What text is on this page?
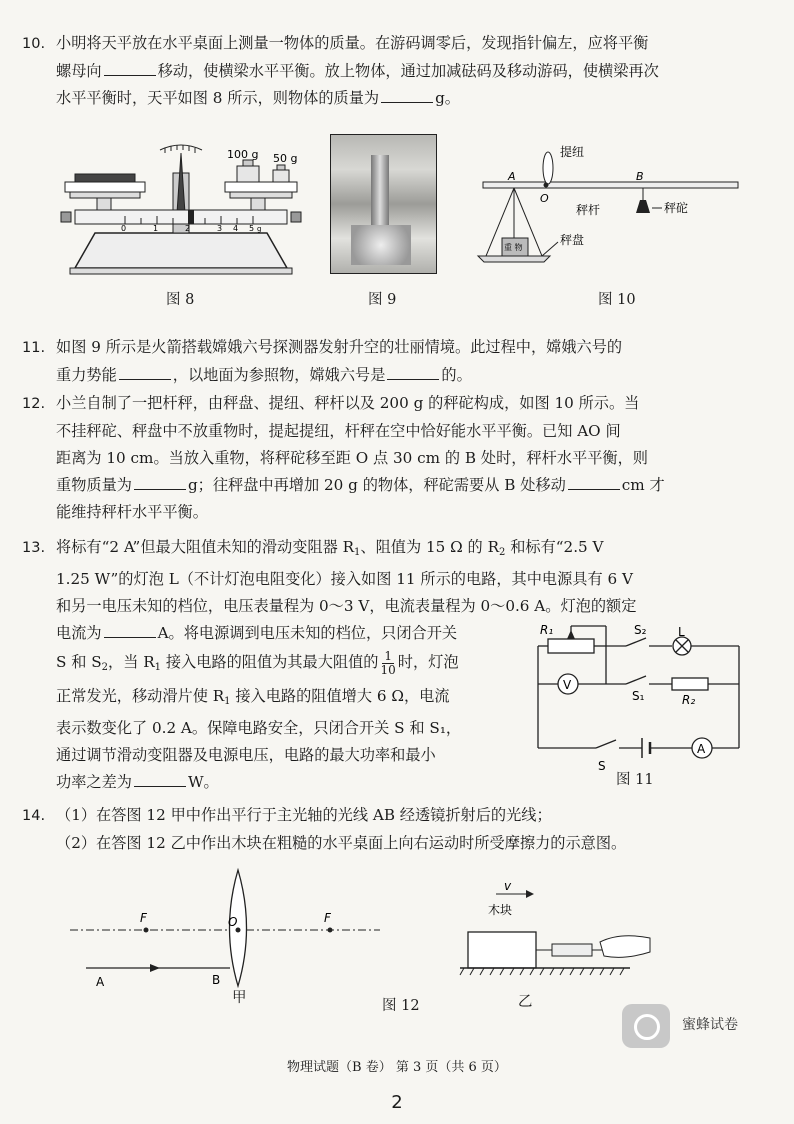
10. 小明将天平放在水平桌面上测量一物体的质量。在游码调零后，发现指针偏左，应将平衡
螺母向	移动，使横梁水平平衡。放上物体，通过加减砝码及移动游码，使横梁再次
水平平衡时，天平如图 8 所示，则物体的质量为	g。
0	1	2	3 4 5 g
100 g 50 g
图 8	图 9
A
O
B
提纽
秤杆	秤砣
重 物
秤盘
图 10
11. 如图 9 所示是火箭搭载嫦娥六号探测器发射升空的壮丽情境。此过程中，嫦娥六号的
重力势能	，以地面为参照物，嫦娥六号是	的。
12. 小兰自制了一把杆秤，由秤盘、提纽、秤杆以及 200 g 的秤砣构成，如图 10 所示。当
不挂秤砣、秤盘中不放重物时，提起提纽，杆秤在空中恰好能水平平衡。已知 AO 间
距离为 10 cm。当放入重物，将秤砣移至距 O 点 30 cm 的 B 处时，秤杆水平平衡，则
重物质量为	g；往秤盘中再增加 20 g 的物体，秤砣需要从 B 处移动	cm 才
能维持秤杆水平平衡。
13. 将标有“2 A”但最大阻值未知的滑动变阻器 $R_1$、阻值为 15 Ω 的 $R_2$ 和标有“2.5 V
1.25 W”的灯泡 L（不计灯泡电阻变化）接入如图 11 所示的电路，其中电源具有 6 V
和另一电压未知的档位，电压表量程为 0～3 V，电流表量程为 0～0.6 A。灯泡的额定
电流为	A。将电源调到电压未知的档位，只闭合开关
S 和 $S_2$，当 $R_1$ 接入电路的阻值为其最大阻值的 $\frac{1}{10}$ 时，灯泡
正常发光，移动滑片使 $R_1$ 接入电路的阻值增大 6 Ω，电流
表示数变化了 0.2 A。保障电路安全，只闭合开关 S 和 S₁，
通过调节滑动变阻器及电源电压，电路的最大功率和最小
功率之差为	W。
R₁	S₂	L
V
S₁	R₂
S
A
图 11
14. （1）在答图 12 甲中作出平行于主光轴的光线 AB 经透镜折射后的光线；
（2）在答图 12 乙中作出木块在粗糙的水平桌面上向右运动时所受摩擦力的示意图。
F	O	F
A	B
甲
v
木块
乙
图 12
蜜蜂试卷
物理试题（B 卷） 第 3 页（共 6 页）
2
